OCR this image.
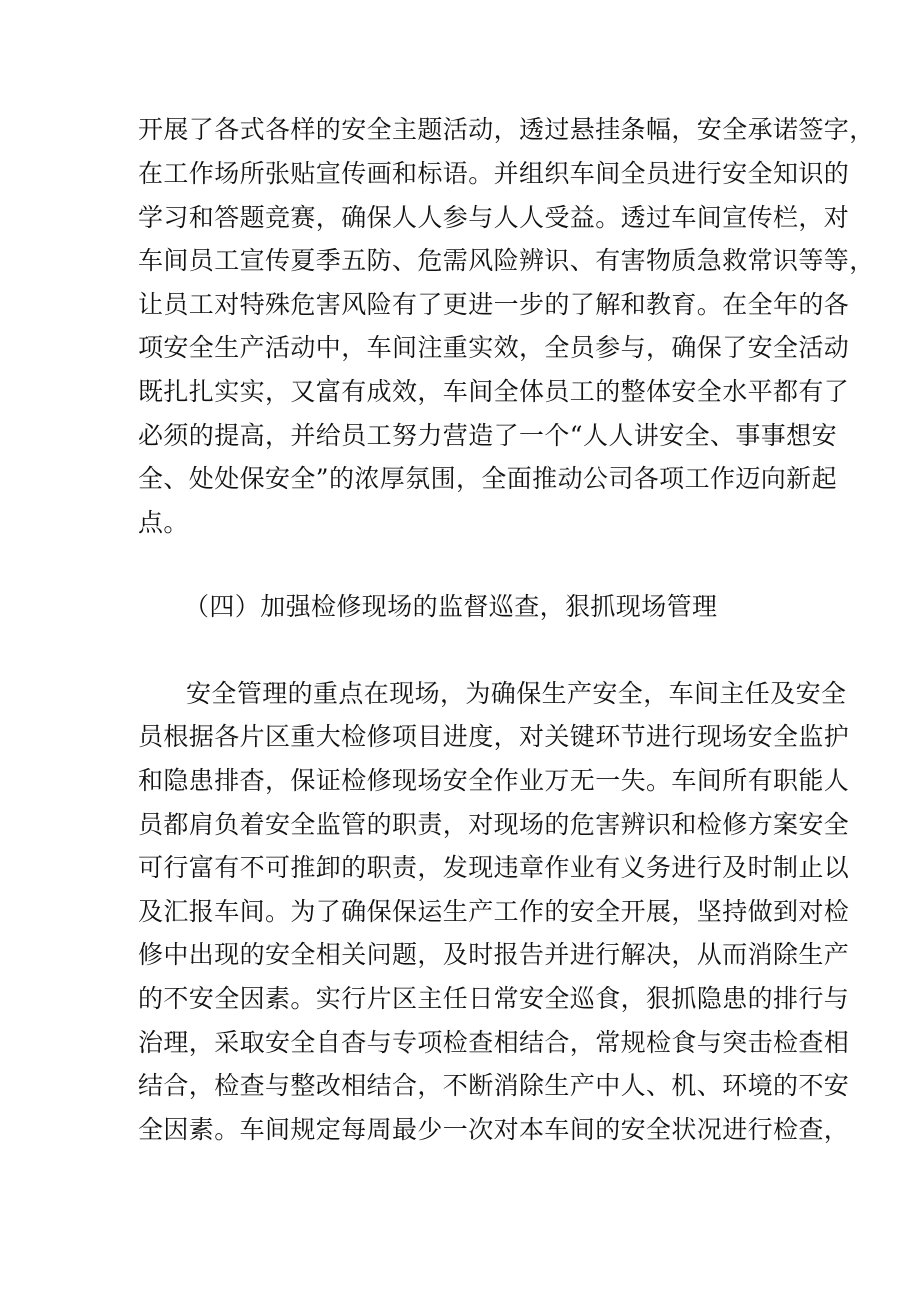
开展了各式各样的安全主题活动，透过悬挂条幅，安全承诺签字，
在工作场所张贴宣传画和标语。并组织车间全员进行安全知识的
学习和答题竞赛，确保人人参与人人受益。透过车间宣传栏，对
车间员工宣传夏季五防、危需风险辨识、有害物质急救常识等等，
让员工对特殊危害风险有了更进一步的了解和教育。在全年的各
项安全生产活动中，车间注重实效，全员参与，确保了安全活动
既扎扎实实，又富有成效，车间全体员工的整体安全水平都有了
必须的提高，并给员工努力营造了一个“人人讲安全、事事想安
全、处处保安全”的浓厚氛围，全面推动公司各项工作迈向新起
点。
（四）加强检修现场的监督巡查，狠抓现场管理
安全管理的重点在现场，为确保生产安全，车间主任及安全
员根据各片区重大检修项目进度，对关键环节进行现场安全监护
和隐患排杳，保证检修现场安全作业万无一失。车间所有职能人
员都肩负着安全监管的职责，对现场的危害辨识和检修方案安全
可行富有不可推卸的职责，发现违章作业有义务进行及时制止以
及汇报车间。为了确保保运生产工作的安全开展，坚持做到对检
修中出现的安全相关问题，及时报告并进行解决，从而消除生产
的不安全因素。实行片区主任日常安全巡食，狠抓隐患的排行与
治理，采取安全自杳与专项检查相结合，常规检食与突击检查相
结合，检查与整改相结合，不断消除生产中人、机、环境的不安
全因素。车间规定每周最少一次对本车间的安全状况进行检查，
